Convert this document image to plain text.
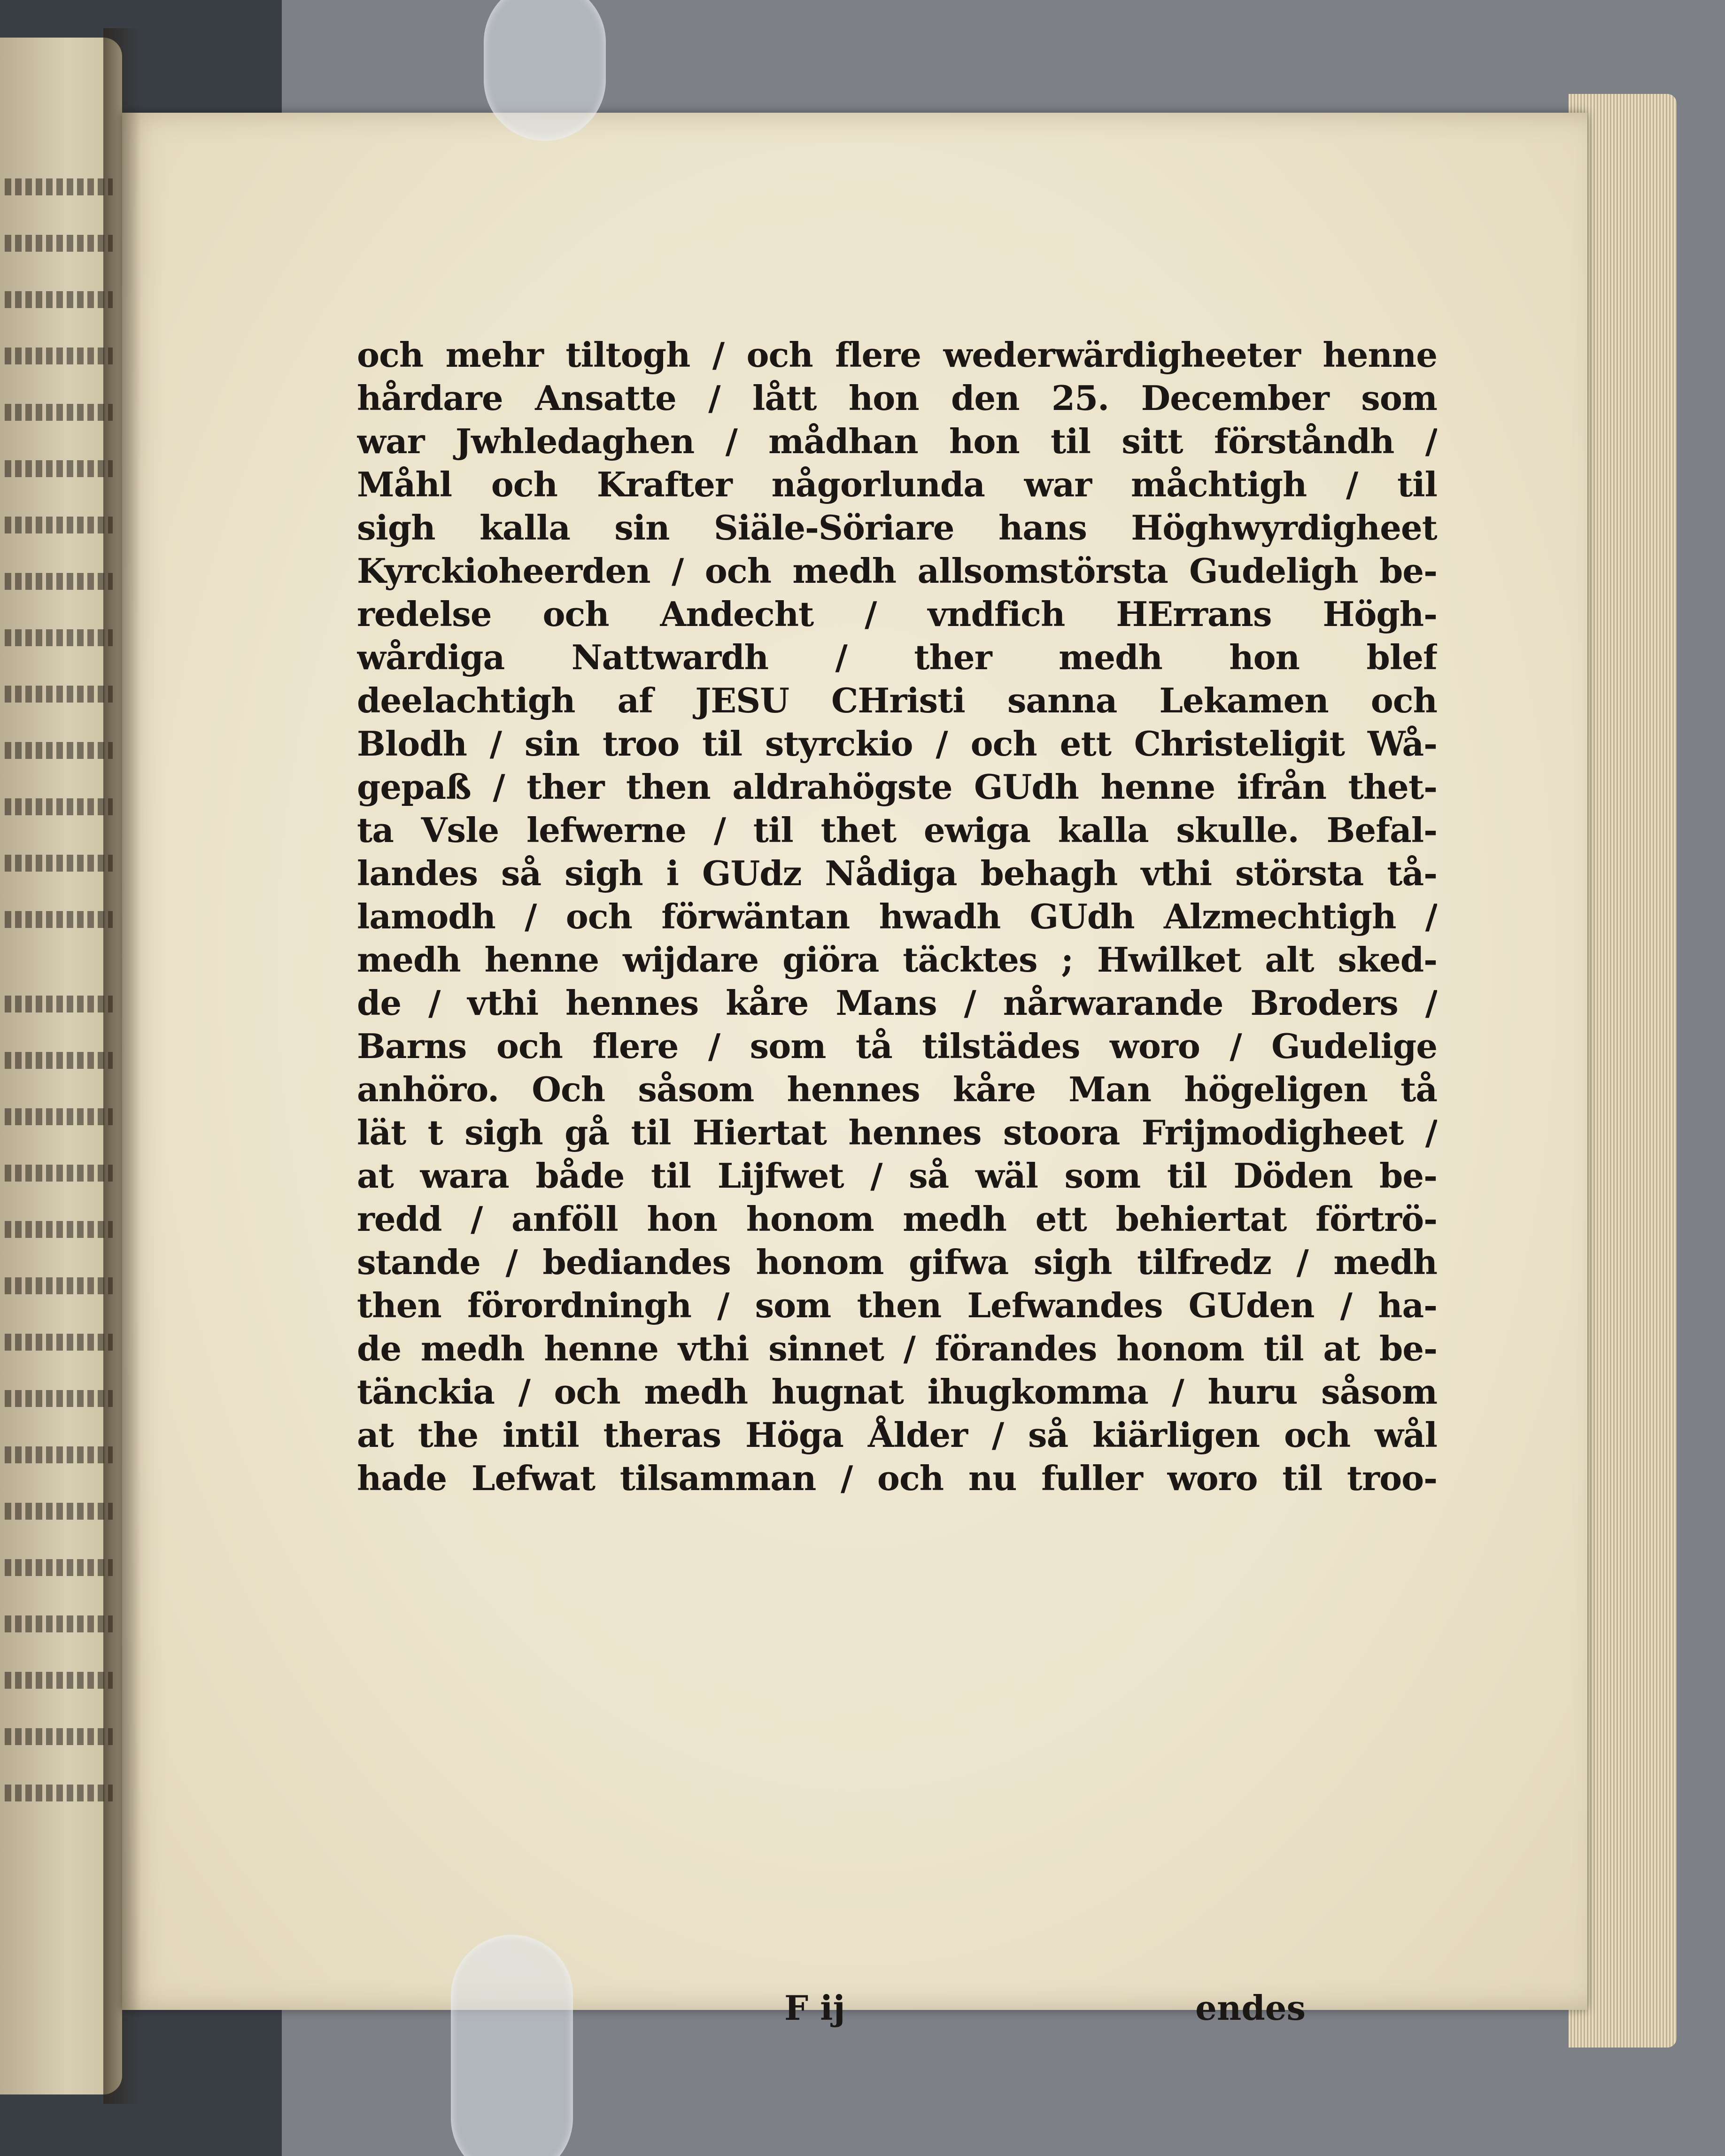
och mehr tiltogh / och flere wederwärdigheeter henne
hårdare Ansatte / lått hon den 25. December som
war Jwhledaghen / mådhan hon til sitt förståndh /
Måhl och Krafter någorlunda war måchtigh / til
sigh kalla sin Siäle-Söriare hans Höghwyrdigheet
Kyrckioheerden / och medh allsomstörsta Gudeligh be-
redelse och Andecht / vndfich HErrans Högh-
wårdiga Nattwardh / ther medh hon blef
deelachtigh af JESU CHristi sanna Lekamen och
Blodh / sin troo til styrckio / och ett Christeligit Wå-
gepaß / ther then aldrahögste GUdh henne ifrån thet-
ta Vsle lefwerne / til thet ewiga kalla skulle. Befal-
landes så sigh i GUdz Nådiga behagh vthi största tå-
lamodh / och förwäntan hwadh GUdh Alzmechtigh /
medh henne wijdare giöra täcktes ; Hwilket alt sked-
de / vthi hennes kåre Mans / nårwarande Broders /
Barns och flere / som tå tilstädes woro / Gudelige
anhöro. Och såsom hennes kåre Man högeligen tå
lät t sigh gå til Hiertat hennes stoora Frijmodigheet /
at wara både til Lijfwet / så wäl som til Döden be-
redd / anföll hon honom medh ett behiertat förtrö-
stande / bediandes honom gifwa sigh tilfredz / medh
then förordningh / som then Lefwandes GUden / ha-
de medh henne vthi sinnet / förandes honom til at be-
tänckia / och medh hugnat ihugkomma / huru såsom
at the intil theras Höga Ålder / så kiärligen och wål
hade Lefwat tilsamman / och nu fuller woro til troo-
F ij	endes
